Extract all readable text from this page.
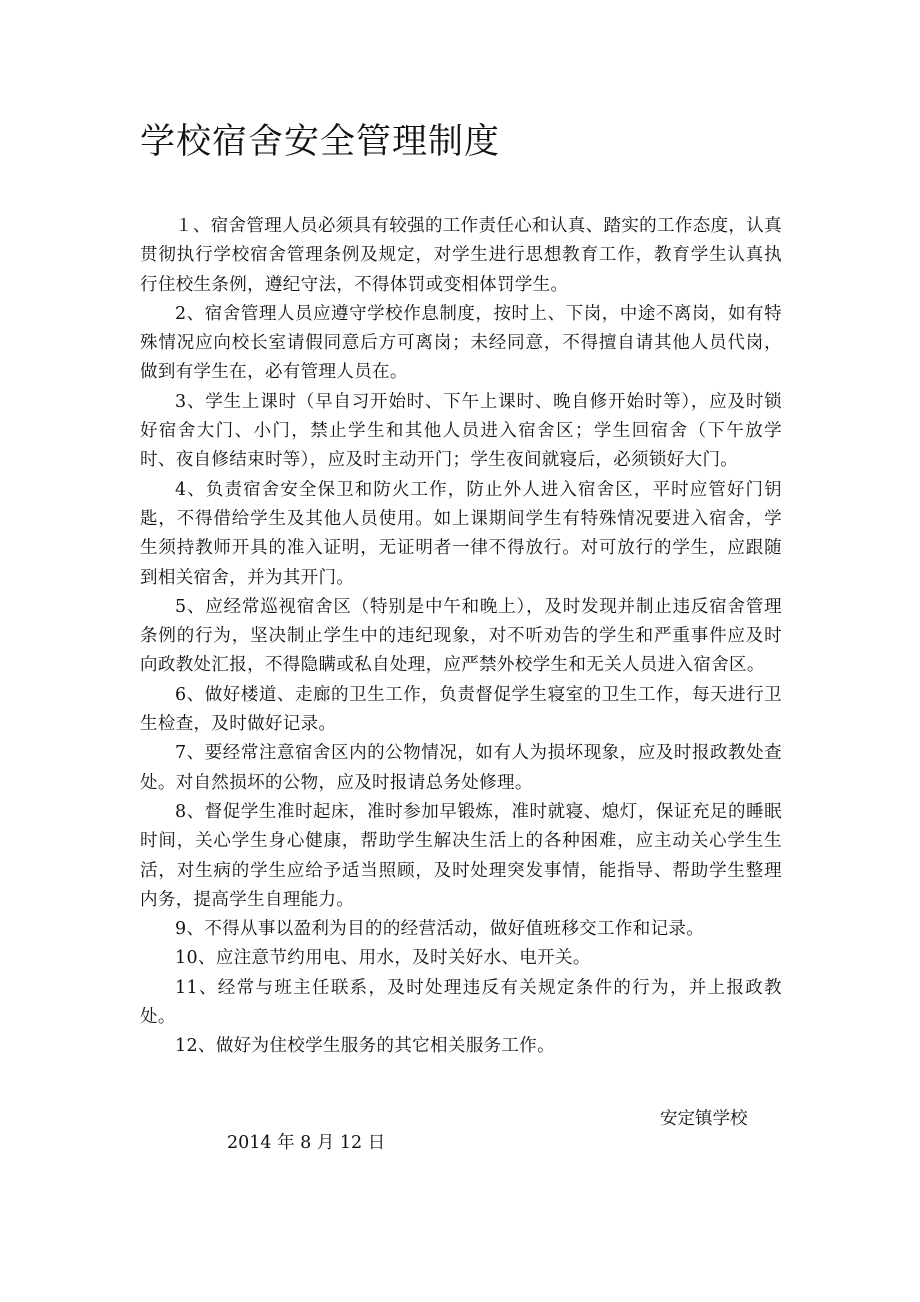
学校宿舍安全管理制度

１、宿舍管理人员必须具有较强的工作责任心和认真、踏实的工作态度，认真贯彻执行学校宿舍管理条例及规定，对学生进行思想教育工作，教育学生认真执行住校生条例，遵纪守法，不得体罚或变相体罚学生。

2、宿舍管理人员应遵守学校作息制度，按时上、下岗，中途不离岗，如有特殊情况应向校长室请假同意后方可离岗；未经同意，不得擅自请其他人员代岗，做到有学生在，必有管理人员在。

3、学生上课时（早自习开始时、下午上课时、晚自修开始时等），应及时锁好宿舍大门、小门，禁止学生和其他人员进入宿舍区；学生回宿舍（下午放学时、夜自修结束时等），应及时主动开门；学生夜间就寝后，必须锁好大门。

4、负责宿舍安全保卫和防火工作，防止外人进入宿舍区，平时应管好门钥匙，不得借给学生及其他人员使用。如上课期间学生有特殊情况要进入宿舍，学生须持教师开具的准入证明，无证明者一律不得放行。对可放行的学生，应跟随到相关宿舍，并为其开门。

5、应经常巡视宿舍区（特别是中午和晚上），及时发现并制止违反宿舍管理条例的行为，坚决制止学生中的违纪现象，对不听劝告的学生和严重事件应及时向政教处汇报，不得隐瞒或私自处理，应严禁外校学生和无关人员进入宿舍区。

6、做好楼道、走廊的卫生工作，负责督促学生寝室的卫生工作，每天进行卫生检查，及时做好记录。

7、要经常注意宿舍区内的公物情况，如有人为损坏现象，应及时报政教处查处。对自然损坏的公物，应及时报请总务处修理。

8、督促学生准时起床，准时参加早锻炼，准时就寝、熄灯，保证充足的睡眠时间，关心学生身心健康，帮助学生解决生活上的各种困难，应主动关心学生生活，对生病的学生应给予适当照顾，及时处理突发事情，能指导、帮助学生整理内务，提高学生自理能力。

9、不得从事以盈利为目的的经营活动，做好值班移交工作和记录。

10、应注意节约用电、用水，及时关好水、电开关。

11、经常与班主任联系，及时处理违反有关规定条件的行为，并上报政教处。

12、做好为住校学生服务的其它相关服务工作。

安定镇学校
2014 年 8 月 12 日
